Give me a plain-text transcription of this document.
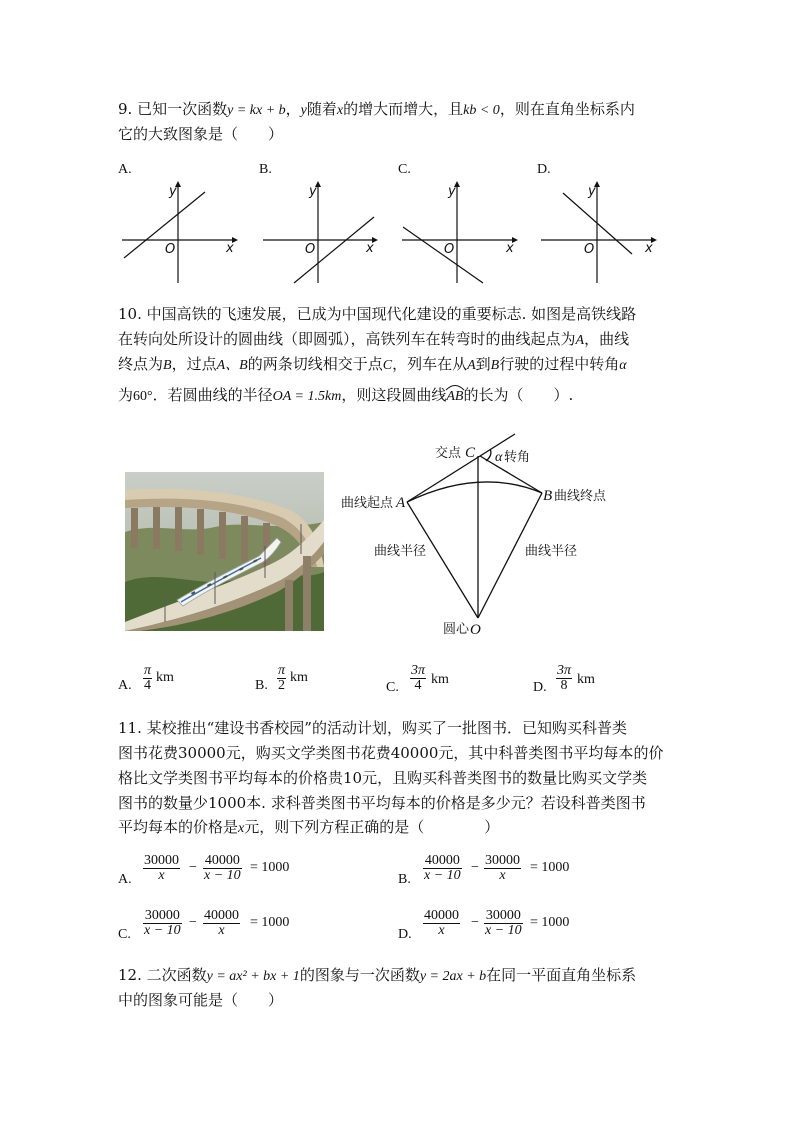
9. 已知一次函数y = kx + b，y随着x的增大而增大，且kb < 0，则在直角坐标系内
它的大致图象是（　　）
A.	B.	C.	D.
y
x
O
y
x
O
y
x
O
y
x
O
10. 中国高铁的飞速发展，已成为中国现代化建设的重要标志. 如图是高铁线路
在转向处所设计的圆曲线（即圆弧），高铁列车在转弯时的曲线起点为A，曲线
终点为B，过点A、B的两条切线相交于点C，列车在从A到B行驶的过程中转角α
为60°．若圆曲线的半径OA = 1.5km，则这段圆曲线AB
的长为（　　）.
交点 C α 转角
曲线起点 A	B 曲线终点
曲线半径	曲线半径
圆心 O
A. $\frac{\pi}{4}$ km
B. $\frac{\pi}{2}$ km
C. $\frac{3\pi}{4}$ km
D. $\frac{3\pi}{8}$ km
11. 某校推出“建设书香校园”的活动计划，购买了一批图书．已知购买科普类
图书花费30000元，购买文学类图书花费40000元，其中科普类图书平均每本的价
格比文学类图书平均每本的价格贵10元，且购买科普类图书的数量比购买文学类
图书的数量少1000本. 求科普类图书平均每本的价格是多少元？若设科普类图书
平均每本的价格是x元，则下列方程正确的是（　　　　）
A. $\frac{30000}{x} - \frac{40000}{x - 10} = 1000$
B. $\frac{40000}{x - 10} - \frac{30000}{x} = 1000$
C. $\frac{30000}{x - 10} - \frac{40000}{x} = 1000$
D. $\frac{40000}{x} - \frac{30000}{x - 10} = 1000$
12. 二次函数y = ax² + bx + 1的图象与一次函数y = 2ax + b在同一平面直角坐标系
中的图象可能是（　　）
